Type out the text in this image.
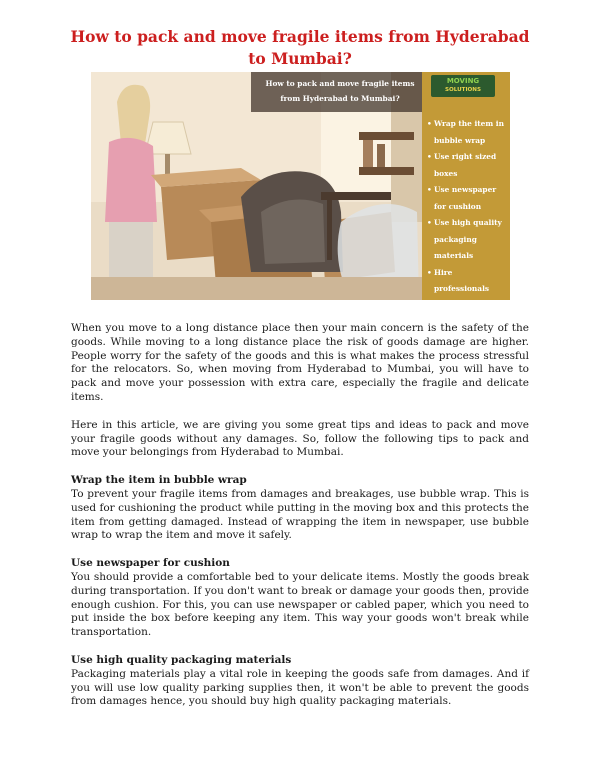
How to pack and move fragile items from Hyderabad to Mumbai?
How to pack and move fragile items from Hyderabad to Mumbai?
MOVING
SOLUTIONS
• Wrap the item in bubble wrap
• Use right sized boxes
• Use newspaper for cushion
• Use high quality packaging materials
• Hire professionals

When you move to a long distance place then your main concern is the safety of the goods. While moving to a long distance place the risk of goods damage are higher. People worry for the safety of the goods and this is what makes the process stressful for the relocators. So, when moving from Hyderabad to Mumbai, you will have to pack and move your possession with extra care, especially the fragile and delicate items.

Here in this article, we are giving you some great tips and ideas to pack and move your fragile goods without any damages. So, follow the following tips to pack and move your belongings from Hyderabad to Mumbai.

Wrap the item in bubble wrap

To prevent your fragile items from damages and breakages, use bubble wrap. This is used for cushioning the product while putting in the moving box and this protects the item from getting damaged. Instead of wrapping the item in newspaper, use bubble wrap to wrap the item and move it safely.

Use newspaper for cushion

You should provide a comfortable bed to your delicate items. Mostly the goods break during transportation. If you don't want to break or damage your goods then, provide enough cushion. For this, you can use newspaper or cabled paper, which you need to put inside the box before keeping any item. This way your goods won't break while transportation.

Use high quality packaging materials

Packaging materials play a vital role in keeping the goods safe from damages. And if you will use low quality parking supplies then, it won't be able to prevent the goods from damages hence, you should buy high quality packaging materials.
